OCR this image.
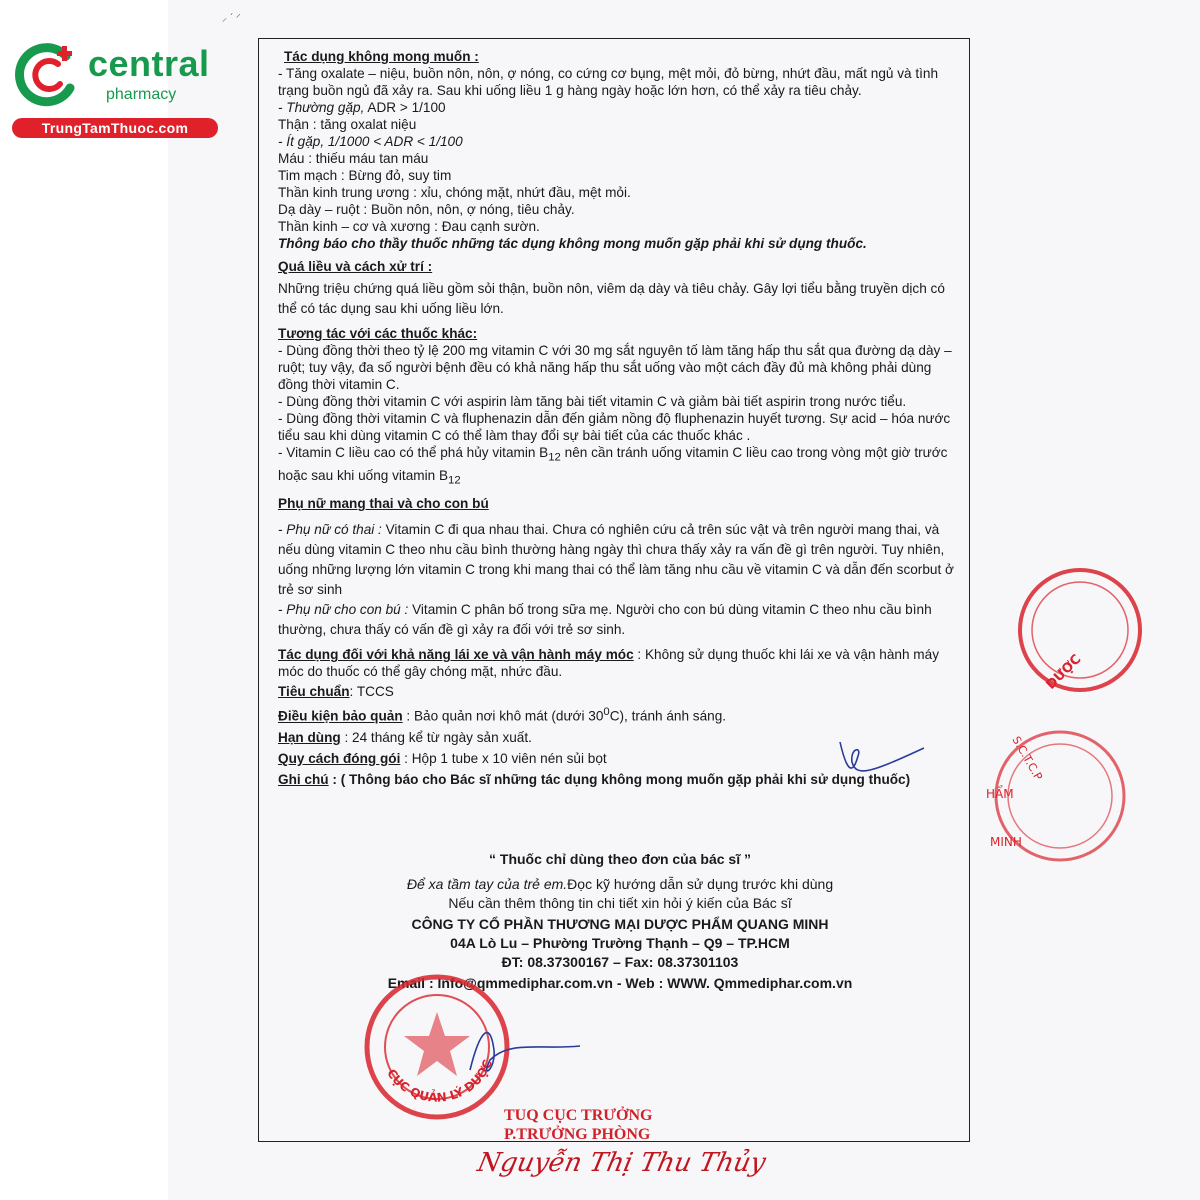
⸝ ˊ ⸍
central
pharmacy
TrungTamThuoc.com

Tác dụng không mong muốn :

- Tăng oxalate – niệu, buồn nôn, nôn, ợ nóng, co cứng cơ bụng, mệt mỏi, đỏ bừng, nhứt đầu, mất ngủ và tình trạng buồn ngủ đã xảy ra. Sau khi uống liều 1 g hàng ngày hoặc lớn hơn, có thể xảy ra tiêu chảy.

- Thường gặp, ADR > 1/100

Thận : tăng oxalat niệu

- Ít gặp, 1/1000 < ADR < 1/100

Máu : thiếu máu tan máu

Tim mạch : Bừng đỏ, suy tim

Thần kinh trung ương : xỉu, chóng mặt, nhứt đầu, mệt mỏi.

Dạ dày – ruột : Buồn nôn, nôn, ợ nóng, tiêu chảy.

Thần kinh – cơ và xương : Đau cạnh sườn.

Thông báo cho thầy thuốc những tác dụng không mong muốn gặp phải khi sử dụng thuốc.

Quá liều và cách xử trí :

Những triệu chứng quá liều gồm sỏi thận, buồn nôn, viêm dạ dày và tiêu chảy. Gây lợi tiểu bằng truyền dịch có thể có tác dụng sau khi uống liều lớn.

Tương tác với các thuốc khác:

- Dùng đồng thời theo tỷ lệ 200 mg vitamin C với 30 mg sắt nguyên tố làm tăng hấp thu sắt qua đường dạ dày – ruột; tuy vậy, đa số người bệnh đều có khả năng hấp thu sắt uống vào một cách đầy đủ mà không phải dùng đồng thời vitamin C.

- Dùng đồng thời vitamin C với aspirin làm tăng bài tiết vitamin C và giảm bài tiết aspirin trong nước tiểu.

- Dùng đồng thời vitamin C và fluphenazin dẫn đến giảm nồng độ fluphenazin huyết tương. Sự acid – hóa nước tiểu sau khi dùng vitamin C có thể làm thay đổi sự bài tiết của các thuốc khác .

- Vitamin C liều cao có thể phá hủy vitamin $B_{12}$ nên cần tránh uống vitamin C liều cao trong vòng một giờ trước hoặc sau khi uống vitamin $B_{12}$

Phụ nữ mang thai và cho con bú

- Phụ nữ có thai : Vitamin C đi qua nhau thai. Chưa có nghiên cứu cả trên súc vật và trên người mang thai, và nếu dùng vitamin C theo nhu cầu bình thường hàng ngày thì chưa thấy xảy ra vấn đề gì trên người. Tuy nhiên, uống những lượng lớn vitamin C trong khi mang thai có thể làm tăng nhu cầu về vitamin C và dẫn đến scorbut ở trẻ sơ sinh

- Phụ nữ cho con bú : Vitamin C phân bố trong sữa mẹ. Người cho con bú dùng vitamin C theo nhu cầu bình thường, chưa thấy có vấn đề gì xảy ra đối với trẻ sơ sinh.

Tác dụng đối với khả năng lái xe và vận hành máy móc : Không sử dụng thuốc khi lái xe và vận hành máy móc do thuốc có thể gây chóng mặt, nhức đầu.

Tiêu chuẩn: TCCS

Điều kiện bảo quản : Bảo quản nơi khô mát (dưới $30^0C$), tránh ánh sáng.

Hạn dùng : 24 tháng kể từ ngày sản xuất.

Quy cách đóng gói : Hộp 1 tube x 10 viên nén sủi bọt

Ghi chú : ( Thông báo cho Bác sĩ những tác dụng không mong muốn gặp phải khi sử dụng thuốc)

DƯỢC
S.C.T.C.P
HẨM
MINH
“ Thuốc chỉ dùng theo đơn của bác sĩ ”
Để xa tầm tay của trẻ em.Đọc kỹ hướng dẫn sử dụng trước khi dùng
Nếu cần thêm thông tin chi tiết xin hỏi ý kiến của Bác sĩ
CÔNG TY CỔ PHẦN THƯƠNG MẠI DƯỢC PHẨM QUANG MINH
04A Lò Lu – Phường Trường Thạnh – Q9 – TP.HCM
ĐT: 08.37300167 – Fax: 08.37301103
Email : Info@qmmediphar.com.vn - Web : WWW. Qmmediphar.com.vn
CỤC QUẢN LÝ DƯỢC
TUQ CỤC TRƯỞNG
P.TRƯỞNG PHÒNG
Nguyễn Thị Thu Thủy
